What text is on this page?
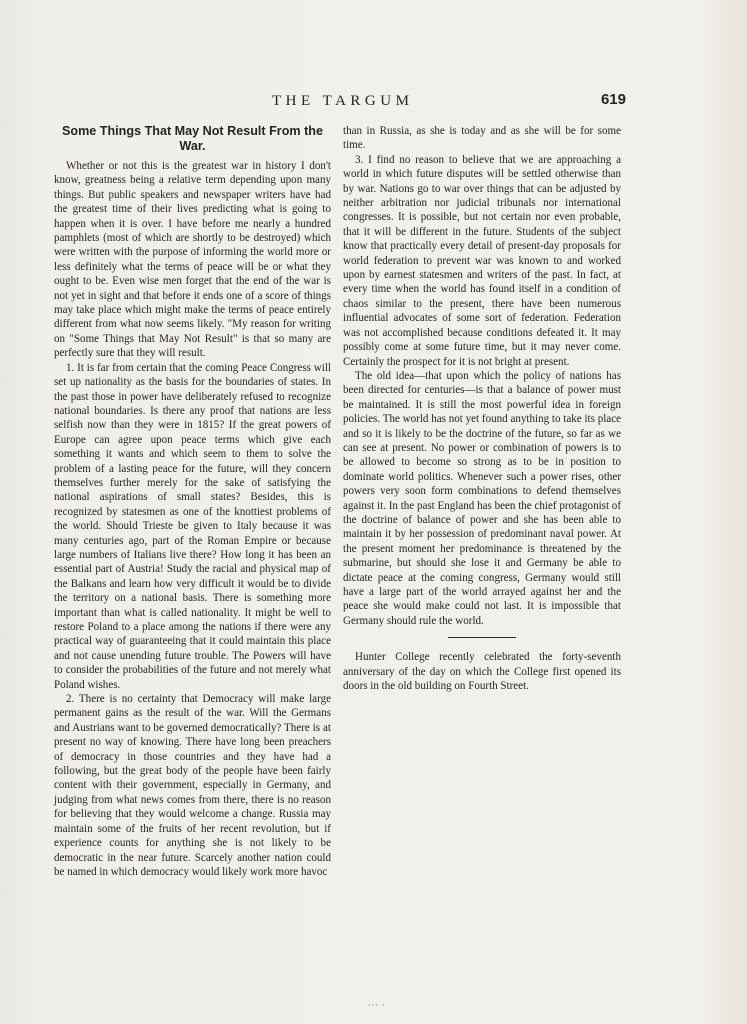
THE TARGUM	619
Some Things That May Not Result From the War.

Whether or not this is the greatest war in history I don't know, greatness being a relative term depending upon many things. But public speakers and newspaper writers have had the greatest time of their lives predicting what is going to happen when it is over. I have before me nearly a hundred pamphlets (most of which are shortly to be destroyed) which were written with the purpose of informing the world more or less definitely what the terms of peace will be or what they ought to be. Even wise men forget that the end of the war is not yet in sight and that before it ends one of a score of things may take place which might make the terms of peace entirely different from what now seems likely. "My reason for writing on "Some Things that May Not Result" is that so many are perfectly sure that they will result.

1. It is far from certain that the coming Peace Congress will set up nationality as the basis for the boundaries of states. In the past those in power have deliberately refused to recognize national boundaries. Is there any proof that nations are less selfish now than they were in 1815? If the great powers of Europe can agree upon peace terms which give each something it wants and which seem to them to solve the problem of a lasting peace for the future, will they concern themselves further merely for the sake of satisfying the national aspirations of small states? Besides, this is recognized by statesmen as one of the knottiest problems of the world. Should Trieste be given to Italy because it was many centuries ago, part of the Roman Empire or because large numbers of Italians live there? How long it has been an essential part of Austria! Study the racial and physical map of the Balkans and learn how very difficult it would be to divide the territory on a national basis. There is something more important than what is called nationality. It might be well to restore Poland to a place among the nations if there were any practical way of guaranteeing that it could maintain this place and not cause unending future trouble. The Powers will have to consider the probabilities of the future and not merely what Poland wishes.

2. There is no certainty that Democracy will make large permanent gains as the result of the war. Will the Germans and Austrians want to be governed democratically? There is at present no way of knowing. There have long been preachers of democracy in those countries and they have had a following, but the great body of the people have been fairly content with their government, especially in Germany, and judging from what news comes from there, there is no reason for believing that they would welcome a change. Russia may maintain some of the fruits of her recent revolution, but if experience counts for anything she is not likely to be democratic in the near future. Scarcely another nation could be named in which democracy would likely work more havoc

than in Russia, as she is today and as she will be for some time.

3. I find no reason to believe that we are approaching a world in which future disputes will be settled otherwise than by war. Nations go to war over things that can be adjusted by neither arbitration nor judicial tribunals nor international congresses. It is possible, but not certain nor even probable, that it will be different in the future. Students of the subject know that practically every detail of present-day proposals for world federation to prevent war was known to and worked upon by earnest statesmen and writers of the past. In fact, at every time when the world has found itself in a condition of chaos similar to the present, there have been numerous influential advocates of some sort of federation. Federation was not accomplished because conditions defeated it. It may possibly come at some future time, but it may never come. Certainly the prospect for it is not bright at present.

The old idea—that upon which the policy of nations has been directed for centuries—is that a balance of power must be maintained. It is still the most powerful idea in foreign policies. The world has not yet found anything to take its place and so it is likely to be the doctrine of the future, so far as we can see at present. No power or combination of powers is to be allowed to become so strong as to be in position to dominate world politics. Whenever such a power rises, other powers very soon form combinations to defend themselves against it. In the past England has been the chief protagonist of the doctrine of balance of power and she has been able to maintain it by her possession of predominant naval power. At the present moment her predominance is threatened by the submarine, but should she lose it and Germany be able to dictate peace at the coming congress, Germany would still have a large part of the world arrayed against her and the peace she would make could not last. It is impossible that Germany should rule the world.

Hunter College recently celebrated the forty-seventh anniversary of the day on which the College first opened its doors in the old building on Fourth Street.

··· ·
